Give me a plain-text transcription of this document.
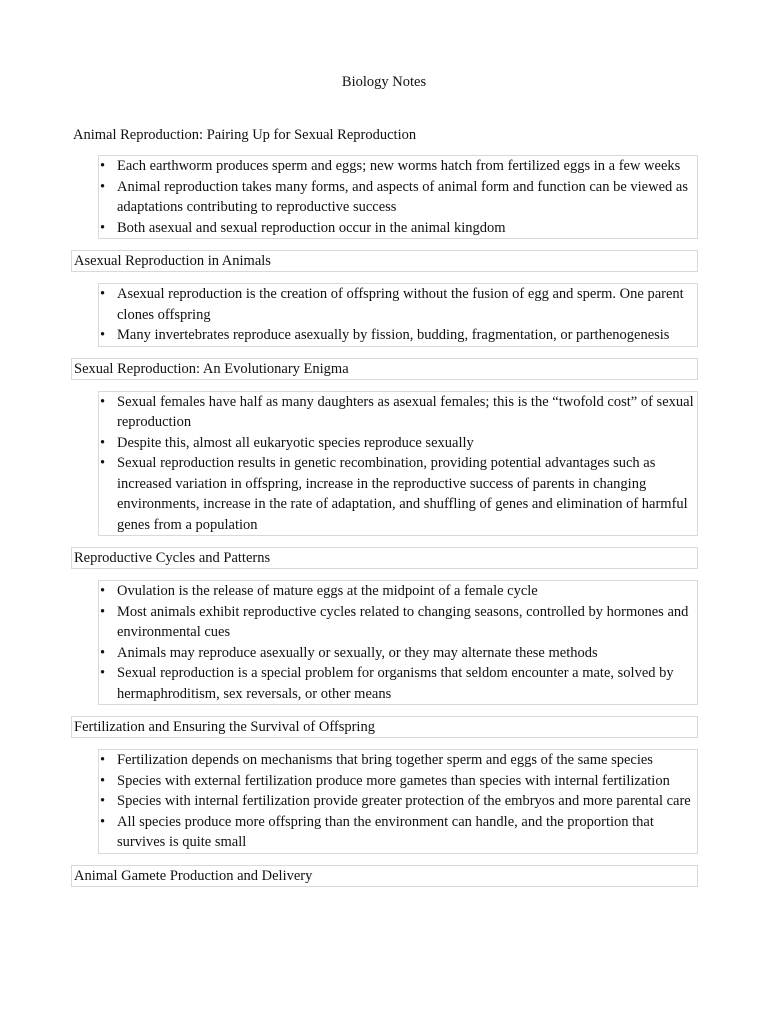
Biology Notes
Animal Reproduction: Pairing Up for Sexual Reproduction
• Each earthworm produces sperm and eggs; new worms hatch from fertilized eggs in a few weeks
• Animal reproduction takes many forms, and aspects of animal form and function can be viewed as adaptations contributing to reproductive success
• Both asexual and sexual reproduction occur in the animal kingdom
Asexual Reproduction in Animals
• Asexual reproduction is the creation of offspring without the fusion of egg and sperm. One parent clones offspring
• Many invertebrates reproduce asexually by fission, budding, fragmentation, or parthenogenesis
Sexual Reproduction: An Evolutionary Enigma
• Sexual females have half as many daughters as asexual females; this is the “twofold cost” of sexual reproduction
• Despite this, almost all eukaryotic species reproduce sexually
• Sexual reproduction results in genetic recombination, providing potential advantages such as increased variation in offspring, increase in the reproductive success of parents in changing environments, increase in the rate of adaptation, and shuffling of genes and elimination of harmful genes from a population
Reproductive Cycles and Patterns
• Ovulation is the release of mature eggs at the midpoint of a female cycle
• Most animals exhibit reproductive cycles related to changing seasons, controlled by hormones and environmental cues
• Animals may reproduce asexually or sexually, or they may alternate these methods
• Sexual reproduction is a special problem for organisms that seldom encounter a mate, solved by hermaphroditism, sex reversals, or other means
Fertilization and Ensuring the Survival of Offspring
• Fertilization depends on mechanisms that bring together sperm and eggs of the same species
• Species with external fertilization produce more gametes than species with internal fertilization
• Species with internal fertilization provide greater protection of the embryos and more parental care
• All species produce more offspring than the environment can handle, and the proportion that survives is quite small
Animal Gamete Production and Delivery
